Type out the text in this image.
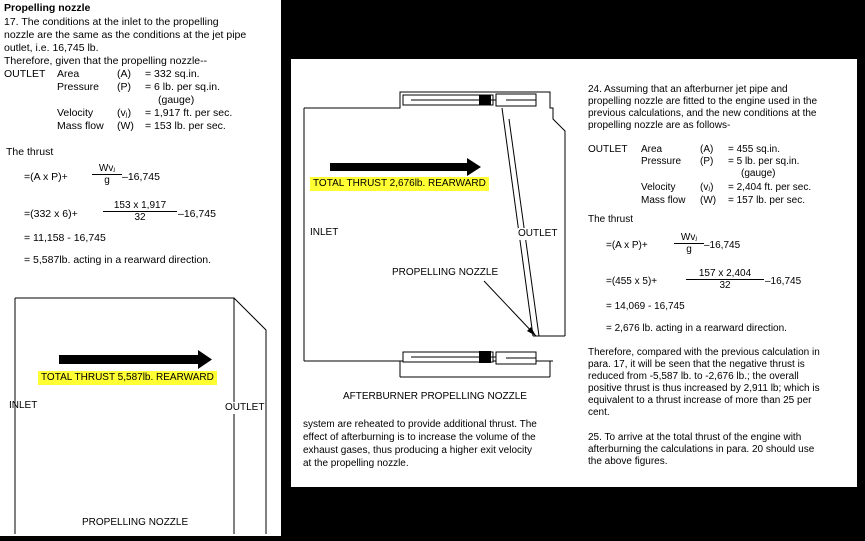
Propelling nozzle
17. The conditions at the inlet to the propelling
nozzle are the same as the conditions at the jet pipe
outlet, i.e. 16,745 lb.
Therefore, given that the propelling nozzle--
OUTLET Area	(A) = 332 sq.in.
Pressure (P) = 6 lb. per sq.in.
(gauge)
Velocity (vⱼ) = 1,917 ft. per sec.
Mass flow (W) = 153 lb. per sec.
The thrust
=(A x P)+
Wvⱼ
g	–16,745
=(332 x 6)+	$\frac{153 x 1,917}{32} -16,745$
= 11,158 - 16,745
= 5,587lb. acting in a rearward direction.
TOTAL THRUST 5,587lb. REARWARD
INLET	OUTLET
PROPELLING NOZZLE
TOTAL THRUST 2,676lb. REARWARD
INLET	OUTLET
PROPELLING NOZZLE
AFTERBURNER PROPELLING NOZZLE
system are reheated to provide additional thrust. The
effect of afterburning is to increase the volume of the
exhaust gases, thus producing a higher exit velocity
at the propelling nozzle.
24. Assuming that an afterburner jet pipe and
propelling nozzle are fitted to the engine used in the
previous calculations, and the new conditions at the
propelling nozzle are as follows-
OUTLET Area	(A) = 455 sq.in.
Pressure (P) = 5 lb. per sq.in.
(gauge)
Velocity (vⱼ) = 2,404 ft. per sec.
Mass flow (W) = 157 lb. per sec.
The thrust
=(A x P)+
Wvⱼ
g	–16,745
=(455 x 5)+	$\frac{157 x 2,404}{32} -16,745$
= 14,069 - 16,745
= 2,676 lb. acting in a rearward direction.
Therefore, compared with the previous calculation in
para. 17, it will be seen that the negative thrust is
reduced from -5,587 lb. to -2,676 lb.; the overall
positive thrust is thus increased by 2,911 lb; which is
equivalent to a thrust increase of more than 25 per
cent.
25. To arrive at the total thrust of the engine with
afterburning the calculations in para. 20 should use
the above figures.
